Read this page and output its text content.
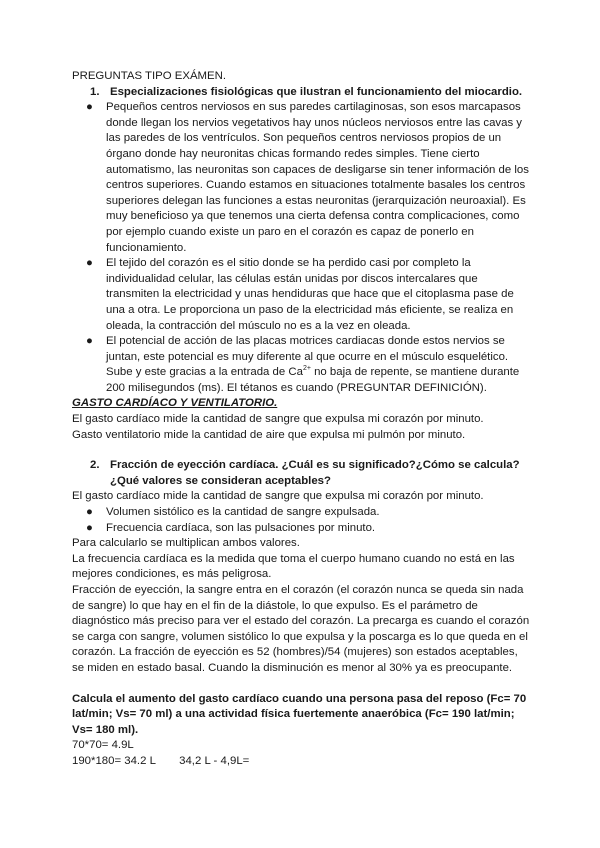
PREGUNTAS TIPO EXÁMEN.

1. Especializaciones fisiológicas que ilustran el funcionamiento del miocardio.
●	Pequeños centros nerviosos en sus paredes cartilaginosas, son esos marcapasos donde llegan los nervios vegetativos hay unos núcleos nerviosos entre las cavas y las paredes de los ventrículos. Son pequeños centros nerviosos propios de un órgano donde hay neuronitas chicas formando redes simples. Tiene cierto automatismo, las neuronitas son capaces de desligarse sin tener información de los centros superiores. Cuando estamos en situaciones totalmente basales los centros superiores delegan las funciones a estas neuronitas (jerarquización neuroaxial). Es muy beneficioso ya que tenemos una cierta defensa contra complicaciones, como por ejemplo cuando existe un paro en el corazón es capaz de ponerlo en funcionamiento.
●	El tejido del corazón es el sitio donde se ha perdido casi por completo la individualidad celular, las células están unidas por discos intercalares que transmiten la electricidad y unas hendiduras que hace que el citoplasma pase de una a otra. Le proporciona un paso de la electricidad más eficiente, se realiza en oleada, la contracción del músculo no es a la vez en oleada.
●	El potencial de acción de las placas motrices cardiacas donde estos nervios se juntan, este potencial es muy diferente al que ocurre en el músculo esquelético. Sube y este gracias a la entrada de $Ca^{2+}$ no baja de repente, se mantiene durante 200 milisegundos (ms). El tétanos es cuando (PREGUNTAR DEFINICIÓN).

GASTO CARDÍACO Y VENTILATORIO.

El gasto cardíaco mide la cantidad de sangre que expulsa mi corazón por minuto.

Gasto ventilatorio mide la cantidad de aire que expulsa mi pulmón por minuto.

2. Fracción de eyección cardíaca. ¿Cuál es su significado?¿Cómo se calcula?¿Qué valores se consideran aceptables?

El gasto cardíaco mide la cantidad de sangre que expulsa mi corazón por minuto.

●	Volumen sistólico es la cantidad de sangre expulsada.
●	Frecuencia cardíaca, son las pulsaciones por minuto.

Para calcularlo se multiplican ambos valores.

La frecuencia cardíaca es la medida que toma el cuerpo humano cuando no está en las mejores condiciones, es más peligrosa.

Fracción de eyección, la sangre entra en el corazón (el corazón nunca se queda sin nada de sangre) lo que hay en el fin de la diástole, lo que expulso. Es el parámetro de diagnóstico más preciso para ver el estado del corazón. La precarga es cuando el corazón se carga con sangre, volumen sistólico lo que expulsa y la poscarga es lo que queda en el corazón. La fracción de eyección es 52 (hombres)/54 (mujeres) son estados aceptables, se miden en estado basal. Cuando la disminución es menor al 30% ya es preocupante.

Calcula el aumento del gasto cardíaco cuando una persona pasa del reposo (Fc= 70 lat/min; Vs= 70 ml) a una actividad física fuertemente anaeróbica (Fc= 190 lat/min; Vs= 180 ml).

70*70= 4.9L

190*180= 34.2 L 34,2 L - 4,9L=
